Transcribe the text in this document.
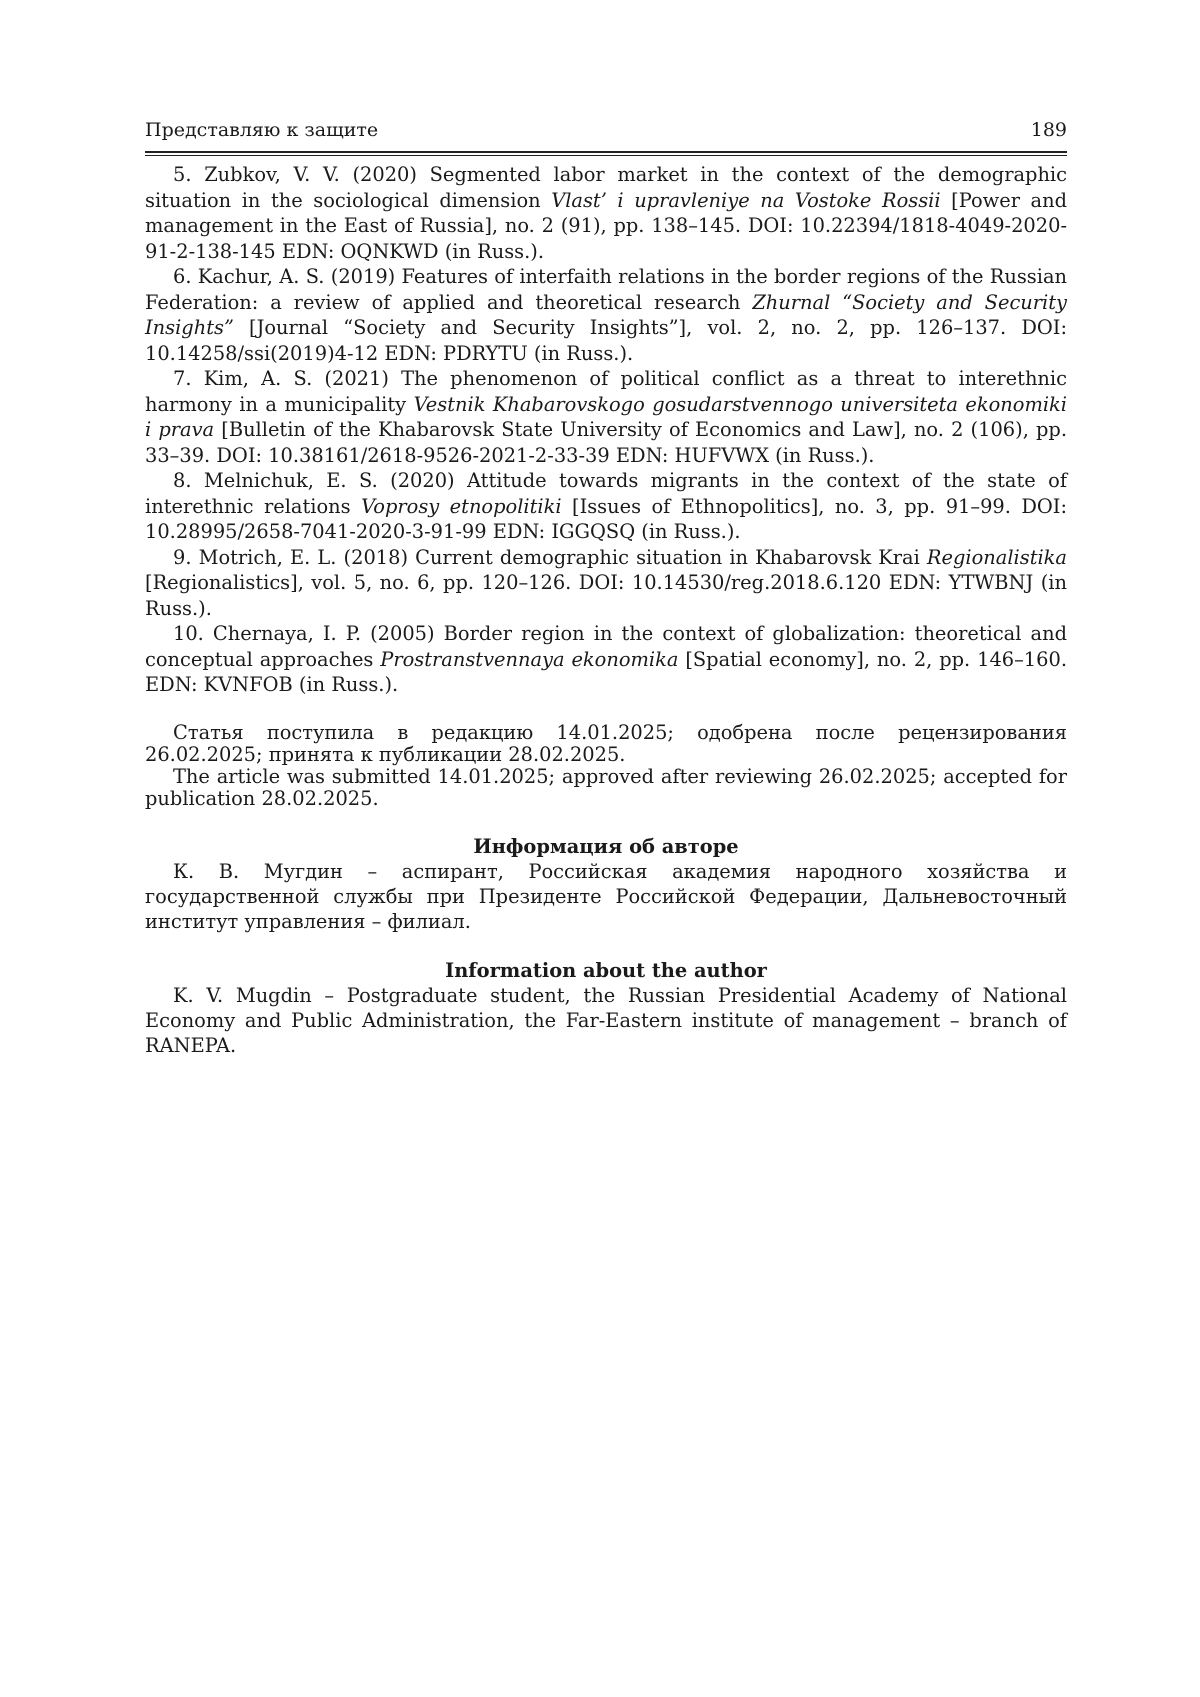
Представляю к защите	189

5. Zubkov, V. V. (2020) Segmented labor market in the context of the demographic situation in the sociological dimension Vlast’ i upravleniye na Vostoke Rossii [Power and management in the East of Russia], no. 2 (91), pp. 138–145. DOI: 10.22394/1818-4049-2020-91-2-138-145 EDN: OQNKWD (in Russ.).

6. Kachur, A. S. (2019) Features of interfaith relations in the border regions of the Russian Federation: a review of applied and theoretical research Zhurnal “Society and Security Insights” [Journal “Society and Security Insights”], vol. 2, no. 2, pp. 126–137. DOI: 10.14258/ssi(2019)4-12 EDN: PDRYTU (in Russ.).

7. Kim, A. S. (2021) The phenomenon of political conflict as a threat to interethnic harmony in a municipality Vestnik Khabarovskogo gosudarstvennogo universiteta ekonomiki i prava [Bulletin of the Khabarovsk State University of Economics and Law], no. 2 (106), pp. 33–39. DOI: 10.38161/2618-9526-2021-2-33-39 EDN: HUFVWX (in Russ.).

8. Melnichuk, E. S. (2020) Attitude towards migrants in the context of the state of interethnic relations Voprosy etnopolitiki [Issues of Ethnopolitics], no. 3, pp. 91–99. DOI: 10.28995/2658-7041-2020-3-91-99 EDN: IGGQSQ (in Russ.).

9. Motrich, E. L. (2018) Current demographic situation in Khabarovsk Krai Regionalistika [Regionalistics], vol. 5, no. 6, pp. 120–126. DOI: 10.14530/reg.2018.6.120 EDN: YTWBNJ (in Russ.).

10. Chernaya, I. P. (2005) Border region in the context of globalization: theoretical and conceptual approaches Prostranstvennaya ekonomika [Spatial economy], no. 2, pp. 146–160. EDN: KVNFOB (in Russ.).

Статья поступила в редакцию 14.01.2025; одобрена после рецензирования 26.02.2025; принята к публикации 28.02.2025.

The article was submitted 14.01.2025; approved after reviewing 26.02.2025; accepted for publication 28.02.2025.

Информация об авторе

К. В. Мугдин – аспирант, Российская академия народного хозяйства и государственной службы при Президенте Российской Федерации, Дальневосточный институт управления – филиал.

Information about the author

K. V. Mugdin – Postgraduate student, the Russian Presidential Academy of National Economy and Public Administration, the Far-Eastern institute of management – branch of RANEPA.
